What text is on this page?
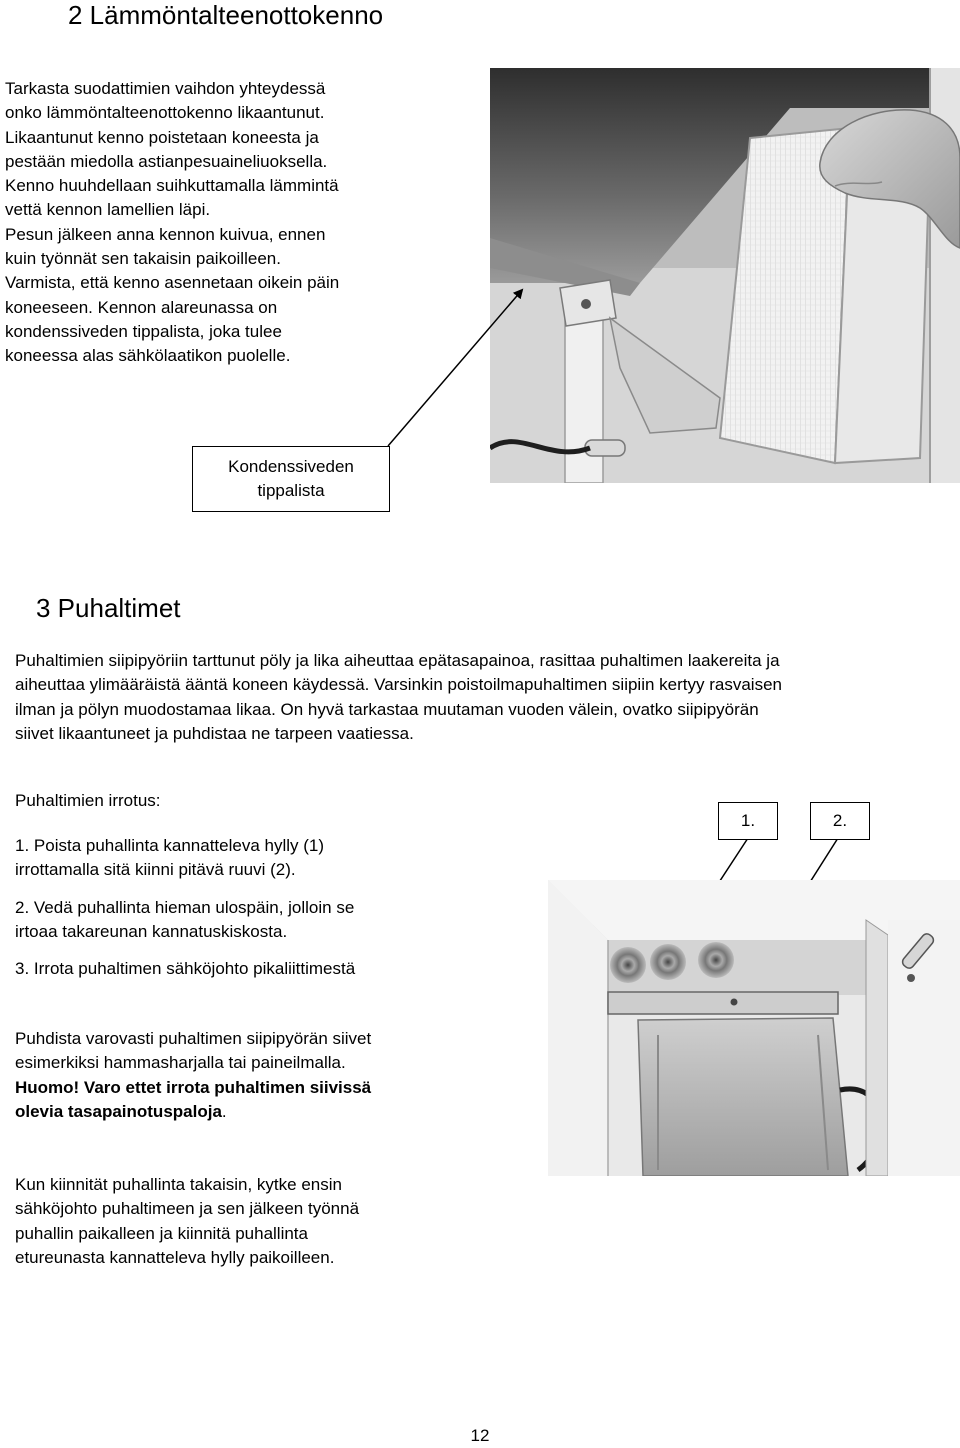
2 Lämmöntalteenottokenno
Tarkasta suodattimien vaihdon yhteydessä
onko lämmöntalteenottokenno likaantunut.
Likaantunut kenno poistetaan koneesta ja
pestään miedolla astianpesuaineliuoksella.
Kenno huuhdellaan suihkuttamalla lämmintä
vettä kennon lamellien läpi.
Pesun jälkeen anna kennon kuivua, ennen
kuin työnnät sen takaisin paikoilleen.
Varmista, että kenno asennetaan oikein päin
koneeseen. Kennon alareunassa on
kondenssiveden tippalista, joka tulee
koneessa alas sähkölaatikon puolelle.
Kondenssiveden
tippalista
3 Puhaltimet
Puhaltimien siipipyöriin tarttunut pöly ja lika aiheuttaa epätasapainoa, rasittaa puhaltimen laakereita ja
aiheuttaa ylimääräistä ääntä koneen käydessä. Varsinkin poistoilmapuhaltimen siipiin kertyy rasvaisen
ilman ja pölyn muodostamaa likaa. On hyvä tarkastaa muutaman vuoden välein, ovatko siipipyörän
siivet likaantuneet ja puhdistaa ne tarpeen vaatiessa.
Puhaltimien irrotus:
1. Poista puhallinta kannatteleva hylly (1)
irrottamalla sitä kiinni pitävä ruuvi (2).
2. Vedä puhallinta hieman ulospäin, jolloin se
irtoaa takareunan kannatuskiskosta.
3. Irrota puhaltimen sähköjohto pikaliittimestä
Puhdista varovasti puhaltimen siipipyörän siivet
esimerkiksi hammasharjalla tai paineilmalla.
Huomo! Varo ettet irrota puhaltimen siivissä
olevia tasapainotuspaloja.
Kun kiinnität puhallinta takaisin, kytke ensin
sähköjohto puhaltimeen ja sen jälkeen työnnä
puhallin paikalleen ja kiinnitä puhallinta
etureunasta kannatteleva hylly paikoilleen.
1.	2.
12
